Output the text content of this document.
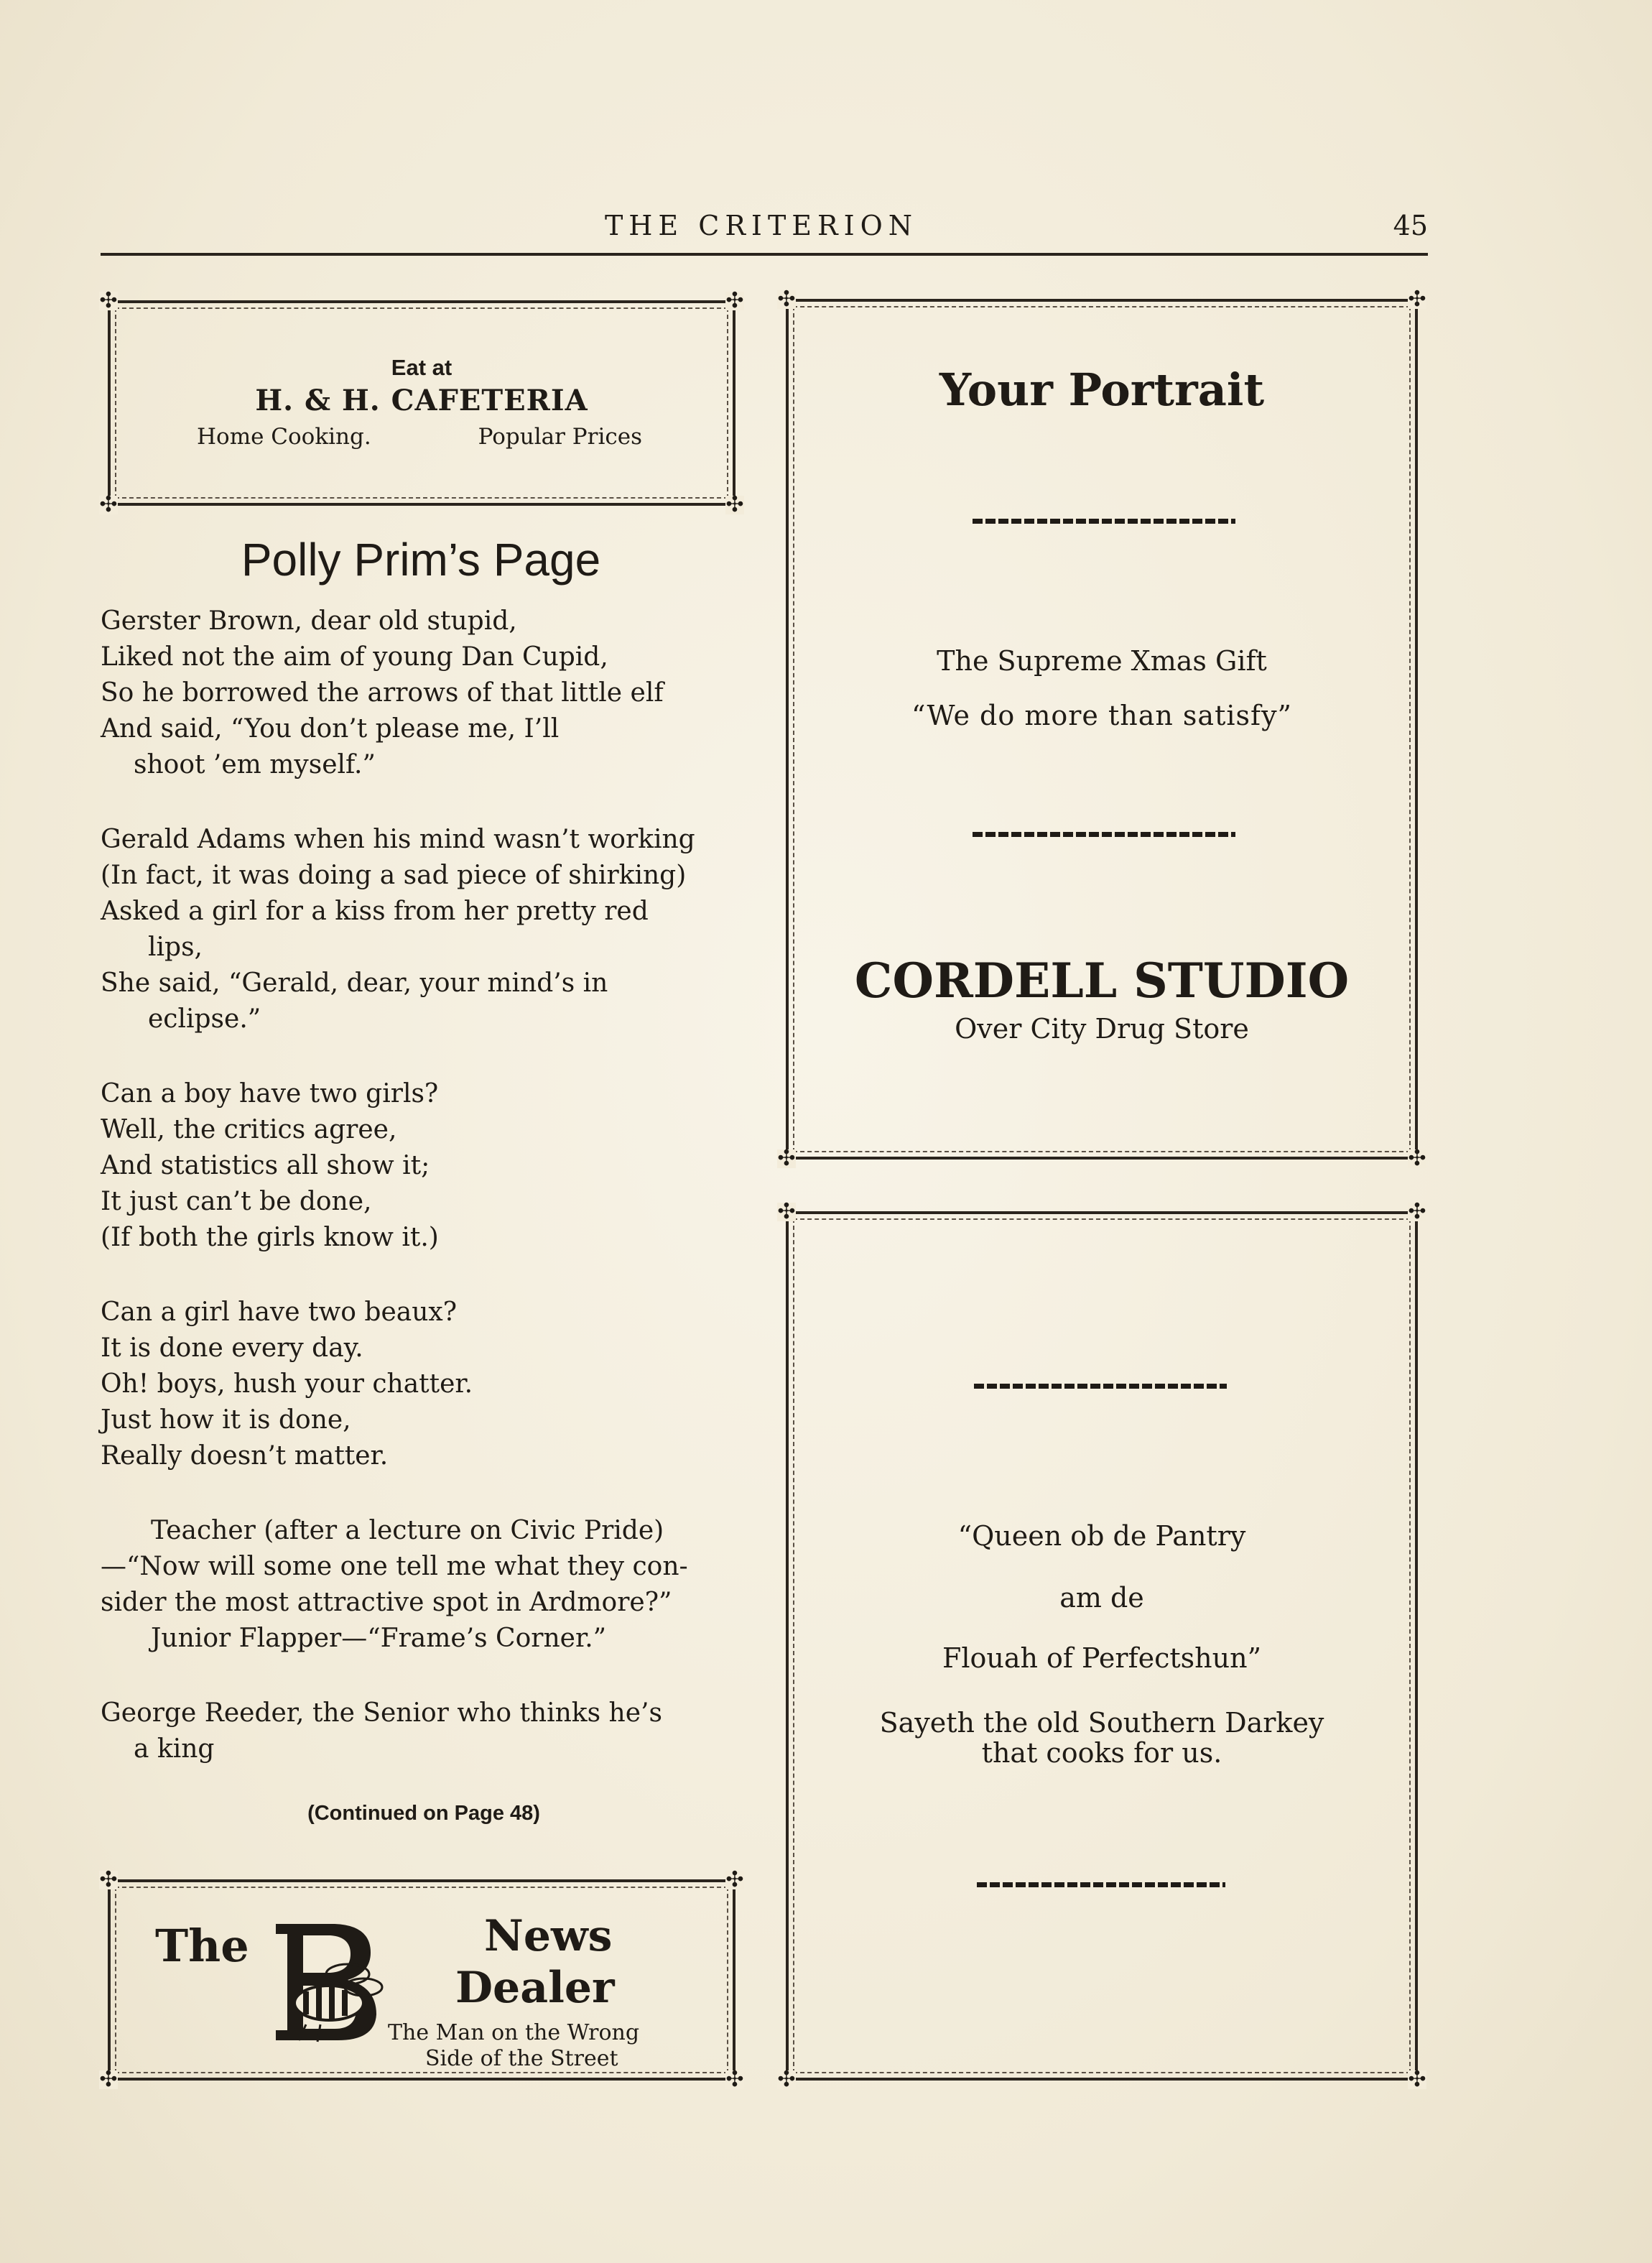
THE CRITERION	45
✣	✣
✣	✣
Eat at
H. & H. CAFETERIA
Home Cooking.	Popular Prices
Polly Prim’s Page
Gerster Brown, dear old stupid,
Liked not the aim of young Dan Cupid,
So he borrowed the arrows of that little elf
And said, “You don’t please me, I’ll
shoot ’em myself.”
Gerald Adams when his mind wasn’t working
(In fact, it was doing a sad piece of shirking)
Asked a girl for a kiss from her pretty red
lips,
She said, “Gerald, dear, your mind’s in
eclipse.”
Can a boy have two girls?
Well, the critics agree,
And statistics all show it;
It just can’t be done,
(If both the girls know it.)
Can a girl have two beaux?
It is done every day.
Oh! boys, hush your chatter.
Just how it is done,
Really doesn’t matter.
Teacher (after a lecture on Civic Pride)
—“Now will some one tell me what they con-
sider the most attractive spot in Ardmore?”
Junior Flapper—“Frame’s Corner.”
George Reeder, the Senior who thinks he’s
a king
(Continued on Page 48)
✣	✣
✣	✣
The	News
Dealer
The Man on the Wrong
Side of the Street
✣	✣
✣	✣
Your Portrait
The Supreme Xmas Gift
“We do more than satisfy”
CORDELL STUDIO
Over City Drug Store
✣	✣
✣	✣
“Queen ob de Pantry
am de
Flouah of Perfectshun”
Sayeth the old Southern Darkey
that cooks for us.
